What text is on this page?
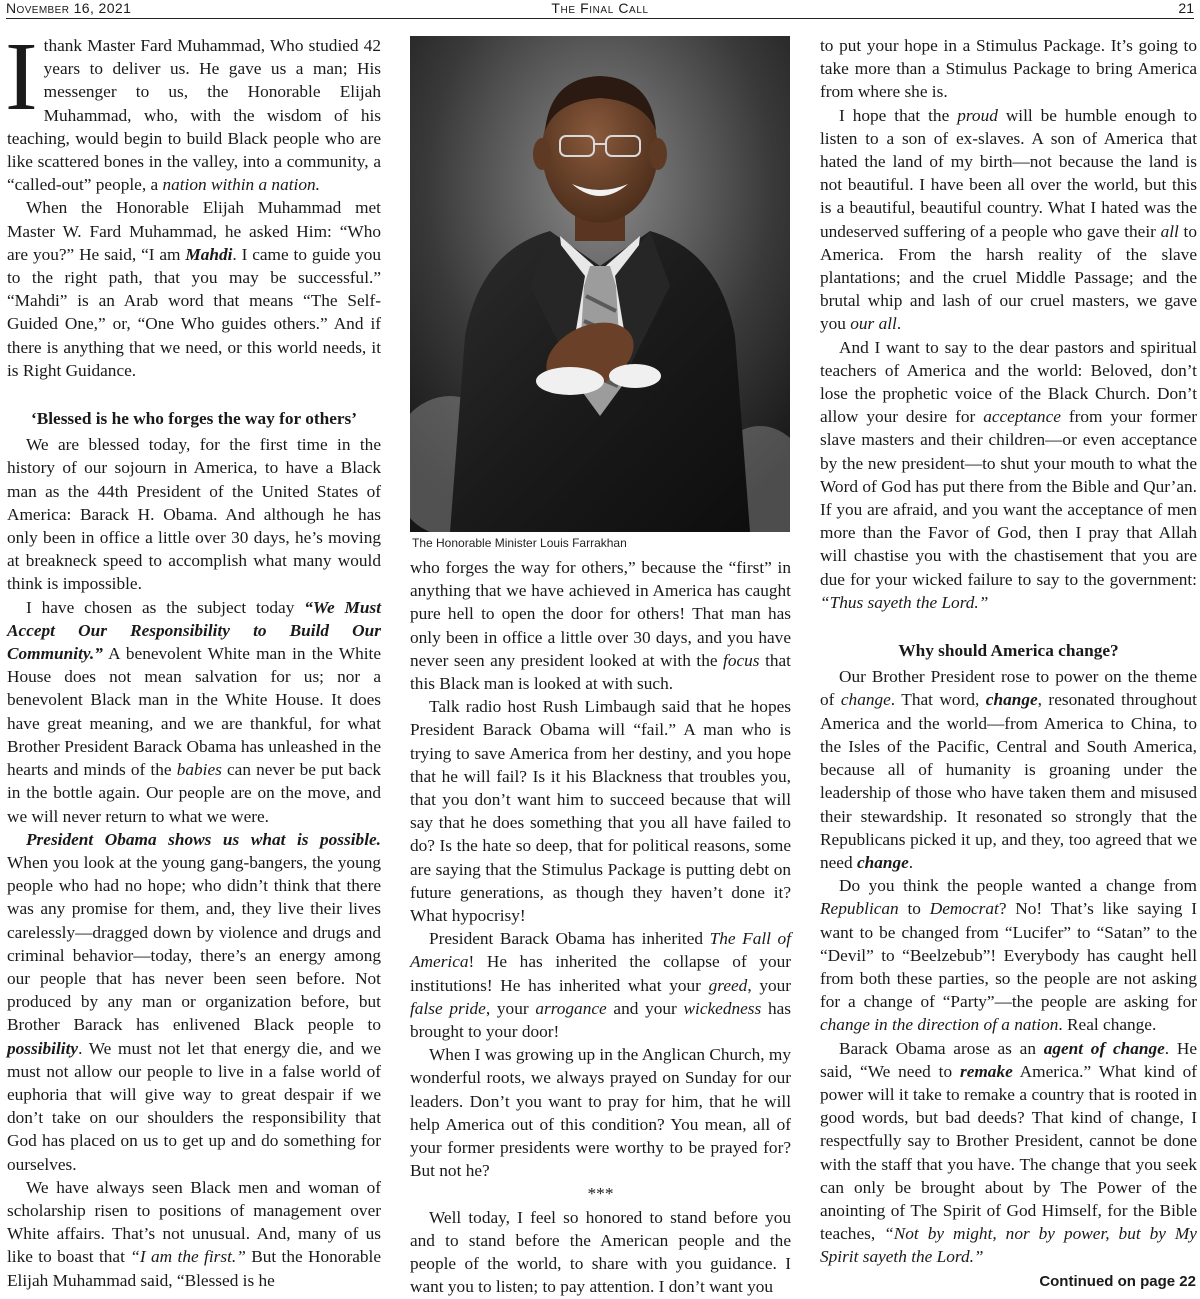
November 16, 2021	The Final Call	21

Ithank Master Fard Muhammad, Who studied 42 years to deliver us. He gave us a man; His messenger to us, the Honorable Elijah Muhammad, who, with the wisdom of his teaching, would begin to build Black people who are like scattered bones in the valley, into a community, a “called-out” people, a nation within a nation.

When the Honorable Elijah Muhammad met Master W. Fard Muhammad, he asked Him: “Who are you?” He said, “I am Mahdi. I came to guide you to the right path, that you may be successful.” “Mahdi” is an Arab word that means “The Self-Guided One,” or, “One Who guides others.” And if there is anything that we need, or this world needs, it is Right Guidance.

‘Blessed is he who forges the way for others’

We are blessed today, for the first time in the history of our sojourn in America, to have a Black man as the 44th President of the United States of America: Barack H. Obama. And although he has only been in office a little over 30 days, he’s moving at breakneck speed to accomplish what many would think is impossible.

I have chosen as the subject today “We Must Accept Our Responsibility to Build Our Community.” A benevolent White man in the White House does not mean salvation for us; nor a benevolent Black man in the White House. It does have great meaning, and we are thankful, for what Brother President Barack Obama has unleashed in the hearts and minds of the babies can never be put back in the bottle again. Our people are on the move, and we will never return to what we were.

President Obama shows us what is possible. When you look at the young gang-bangers, the young people who had no hope; who didn’t think that there was any promise for them, and, they live their lives carelessly—dragged down by violence and drugs and criminal behavior—today, there’s an energy among our people that has never been seen before. Not produced by any man or organization before, but Brother Barack has enlivened Black people to possibility. We must not let that energy die, and we must not allow our people to live in a false world of euphoria that will give way to great despair if we don’t take on our shoulders the responsibility that God has placed on us to get up and do something for ourselves.

We have always seen Black men and woman of scholarship risen to positions of management over White affairs. That’s not unusual. And, many of us like to boast that “I am the first.” But the Honorable Elijah Muhammad said, “Blessed is he

The Honorable Minister Louis Farrakhan

who forges the way for others,” because the “first” in anything that we have achieved in America has caught pure hell to open the door for others! That man has only been in office a little over 30 days, and you have never seen any president looked at with the focus that this Black man is looked at with such.

Talk radio host Rush Limbaugh said that he hopes President Barack Obama will “fail.” A man who is trying to save America from her destiny, and you hope that he will fail? Is it his Blackness that troubles you, that you don’t want him to succeed because that will say that he does something that you all have failed to do? Is the hate so deep, that for political reasons, some are saying that the Stimulus Package is putting debt on future generations, as though they haven’t done it? What hypocrisy!

President Barack Obama has inherited The Fall of America! He has inherited the collapse of your institutions! He has inherited what your greed, your false pride, your arrogance and your wickedness has brought to your door!

When I was growing up in the Anglican Church, my wonderful roots, we always prayed on Sunday for our leaders. Don’t you want to pray for him, that he will help America out of this condition? You mean, all of your former presidents were worthy to be prayed for? But not he?

***

Well today, I feel so honored to stand before you and to stand before the American people and the people of the world, to share with you guidance. I want you to listen; to pay attention. I don’t want you

to put your hope in a Stimulus Package. It’s going to take more than a Stimulus Package to bring America from where she is.

I hope that the proud will be humble enough to listen to a son of ex-slaves. A son of America that hated the land of my birth—not because the land is not beautiful. I have been all over the world, but this is a beautiful, beautiful country. What I hated was the undeserved suffering of a people who gave their all to America. From the harsh reality of the slave plantations; and the cruel Middle Passage; and the brutal whip and lash of our cruel masters, we gave you our all.

And I want to say to the dear pastors and spiritual teachers of America and the world: Beloved, don’t lose the prophetic voice of the Black Church. Don’t allow your desire for acceptance from your former slave masters and their children—or even acceptance by the new president—to shut your mouth to what the Word of God has put there from the Bible and Qur’an. If you are afraid, and you want the acceptance of men more than the Favor of God, then I pray that Allah will chastise you with the chastisement that you are due for your wicked failure to say to the government: “Thus sayeth the Lord.”

Why should America change?

Our Brother President rose to power on the theme of change. That word, change, resonated throughout America and the world—from America to China, to the Isles of the Pacific, Central and South America, because all of humanity is groaning under the leadership of those who have taken them and misused their stewardship. It resonated so strongly that the Republicans picked it up, and they, too agreed that we need change.

Do you think the people wanted a change from Republican to Democrat? No! That’s like saying I want to be changed from “Lucifer” to “Satan” to the “Devil” to “Beelzebub”! Everybody has caught hell from both these parties, so the people are not asking for a change of “Party”—the people are asking for change in the direction of a nation. Real change.

Barack Obama arose as an agent of change. He said, “We need to remake America.” What kind of power will it take to remake a country that is rooted in good words, but bad deeds? That kind of change, I respectfully say to Brother President, cannot be done with the staff that you have. The change that you seek can only be brought about by The Power of the anointing of The Spirit of God Himself, for the Bible teaches, “Not by might, nor by power, but by My Spirit sayeth the Lord.”

Continued on page 22
